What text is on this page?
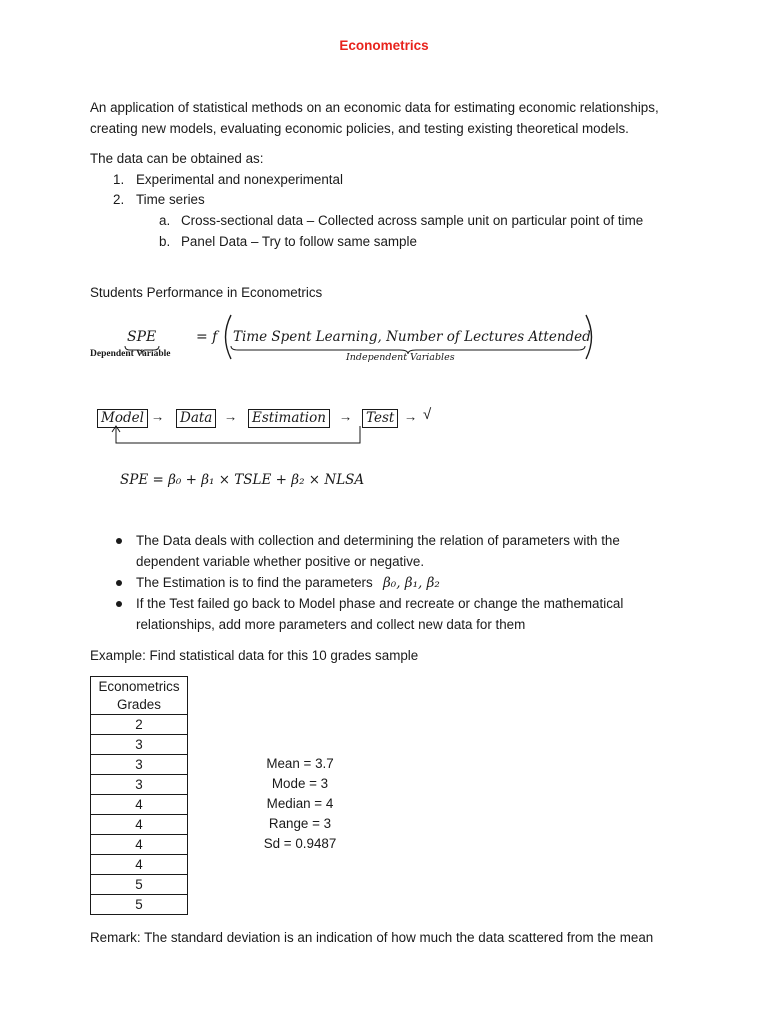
Econometrics
An application of statistical methods on an economic data for estimating economic relationships,
creating new models, evaluating economic policies, and testing existing theoretical models.
The data can be obtained as:
1. Experimental and nonexperimental
2. Time series
a. Cross-sectional data – Collected across sample unit on particular point of time
b. Panel Data – Try to follow same sample
Students Performance in Econometrics
SPE
Dependent Variable
= f Time Spent Learning, Number of Lectures Attended
Independent Variables
Model → Data → Estimation → Test → √
SPE = β₀ + β₁ × TSLE + β₂ × NLSA
The Data deals with collection and determining the relation of parameters with the
dependent variable whether positive or negative.
The Estimation is to find the parameters β₀, β₁, β₂
If the Test failed go back to Model phase and recreate or change the mathematical
relationships, add more parameters and collect new data for them
Example: Find statistical data for this 10 grades sample
Econometrics
Grades
2
3
3
3
4
4
4
4
5
5
Mean = 3.7
Mode = 3
Median = 4
Range = 3
Sd = 0.9487
Remark: The standard deviation is an indication of how much the data scattered from the mean
